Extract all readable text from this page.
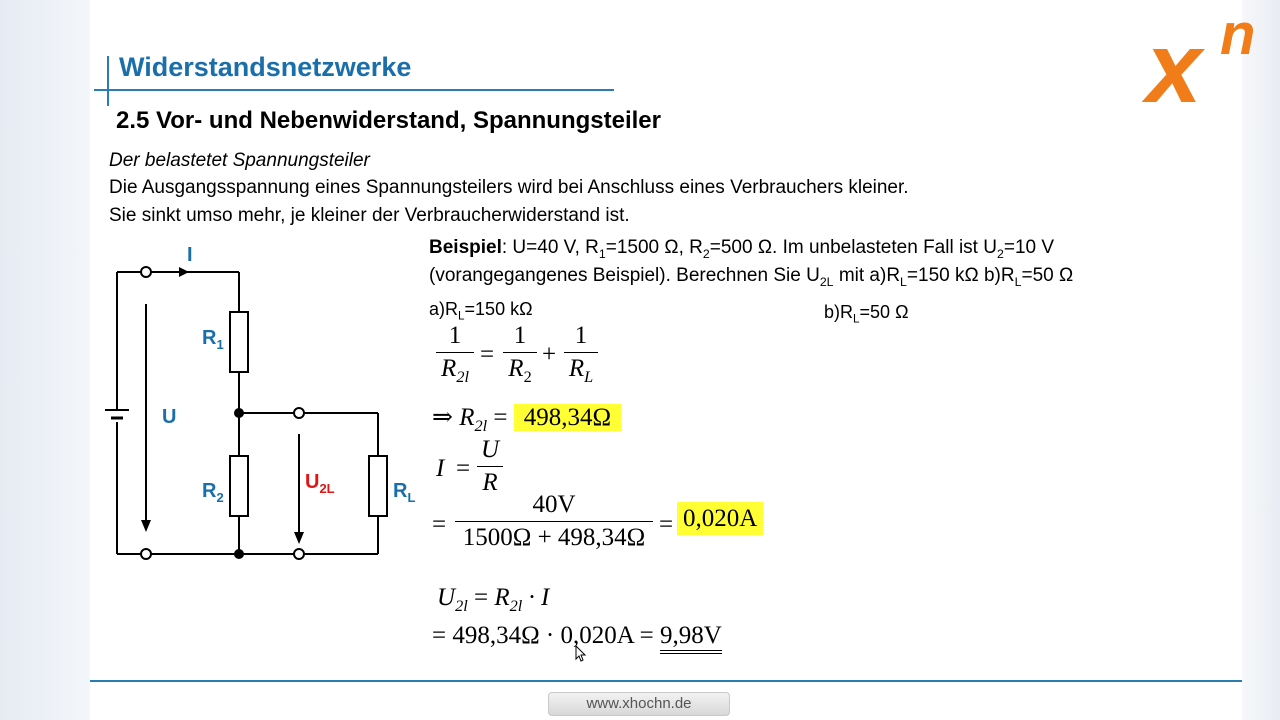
Widerstandsnetzwerke
2.5 Vor- und Nebenwiderstand, Spannungsteiler	x n
Der belastetet Spannungsteiler
Die Ausgangsspannung eines Spannungsteilers wird bei Anschluss eines Verbrauchers kleiner.
Sie sinkt umso mehr, je kleiner der Verbraucherwiderstand ist.
Beispiel: U=40 V, $R_1=1500$ Ω, $R_2=500$ Ω. Im unbelasteten Fall ist $U_2=10$ V
(vorangegangenes Beispiel). Berechnen Sie $U_{2L}$ mit $a)R_L=150$ kΩ $b)R_L=50$ Ω
$a)R_L=150$ kΩ	$b)R_L=50$ Ω
1
$R_{2l}$
=
1
$R_2$
+
1
$R_L$
⇒ $R_{2l} = 498,34\Omega$
I =
U
R
=
40V
1500Ω + 498,34Ω = 0,020A
$U_{2l} = R_{2l} \cdot I$
= 498,34Ω · 0,020A = 9,98V
I
$R_1$
U
$R_2$
$U_{2L}$	$R_L$
www.xhochn.de
